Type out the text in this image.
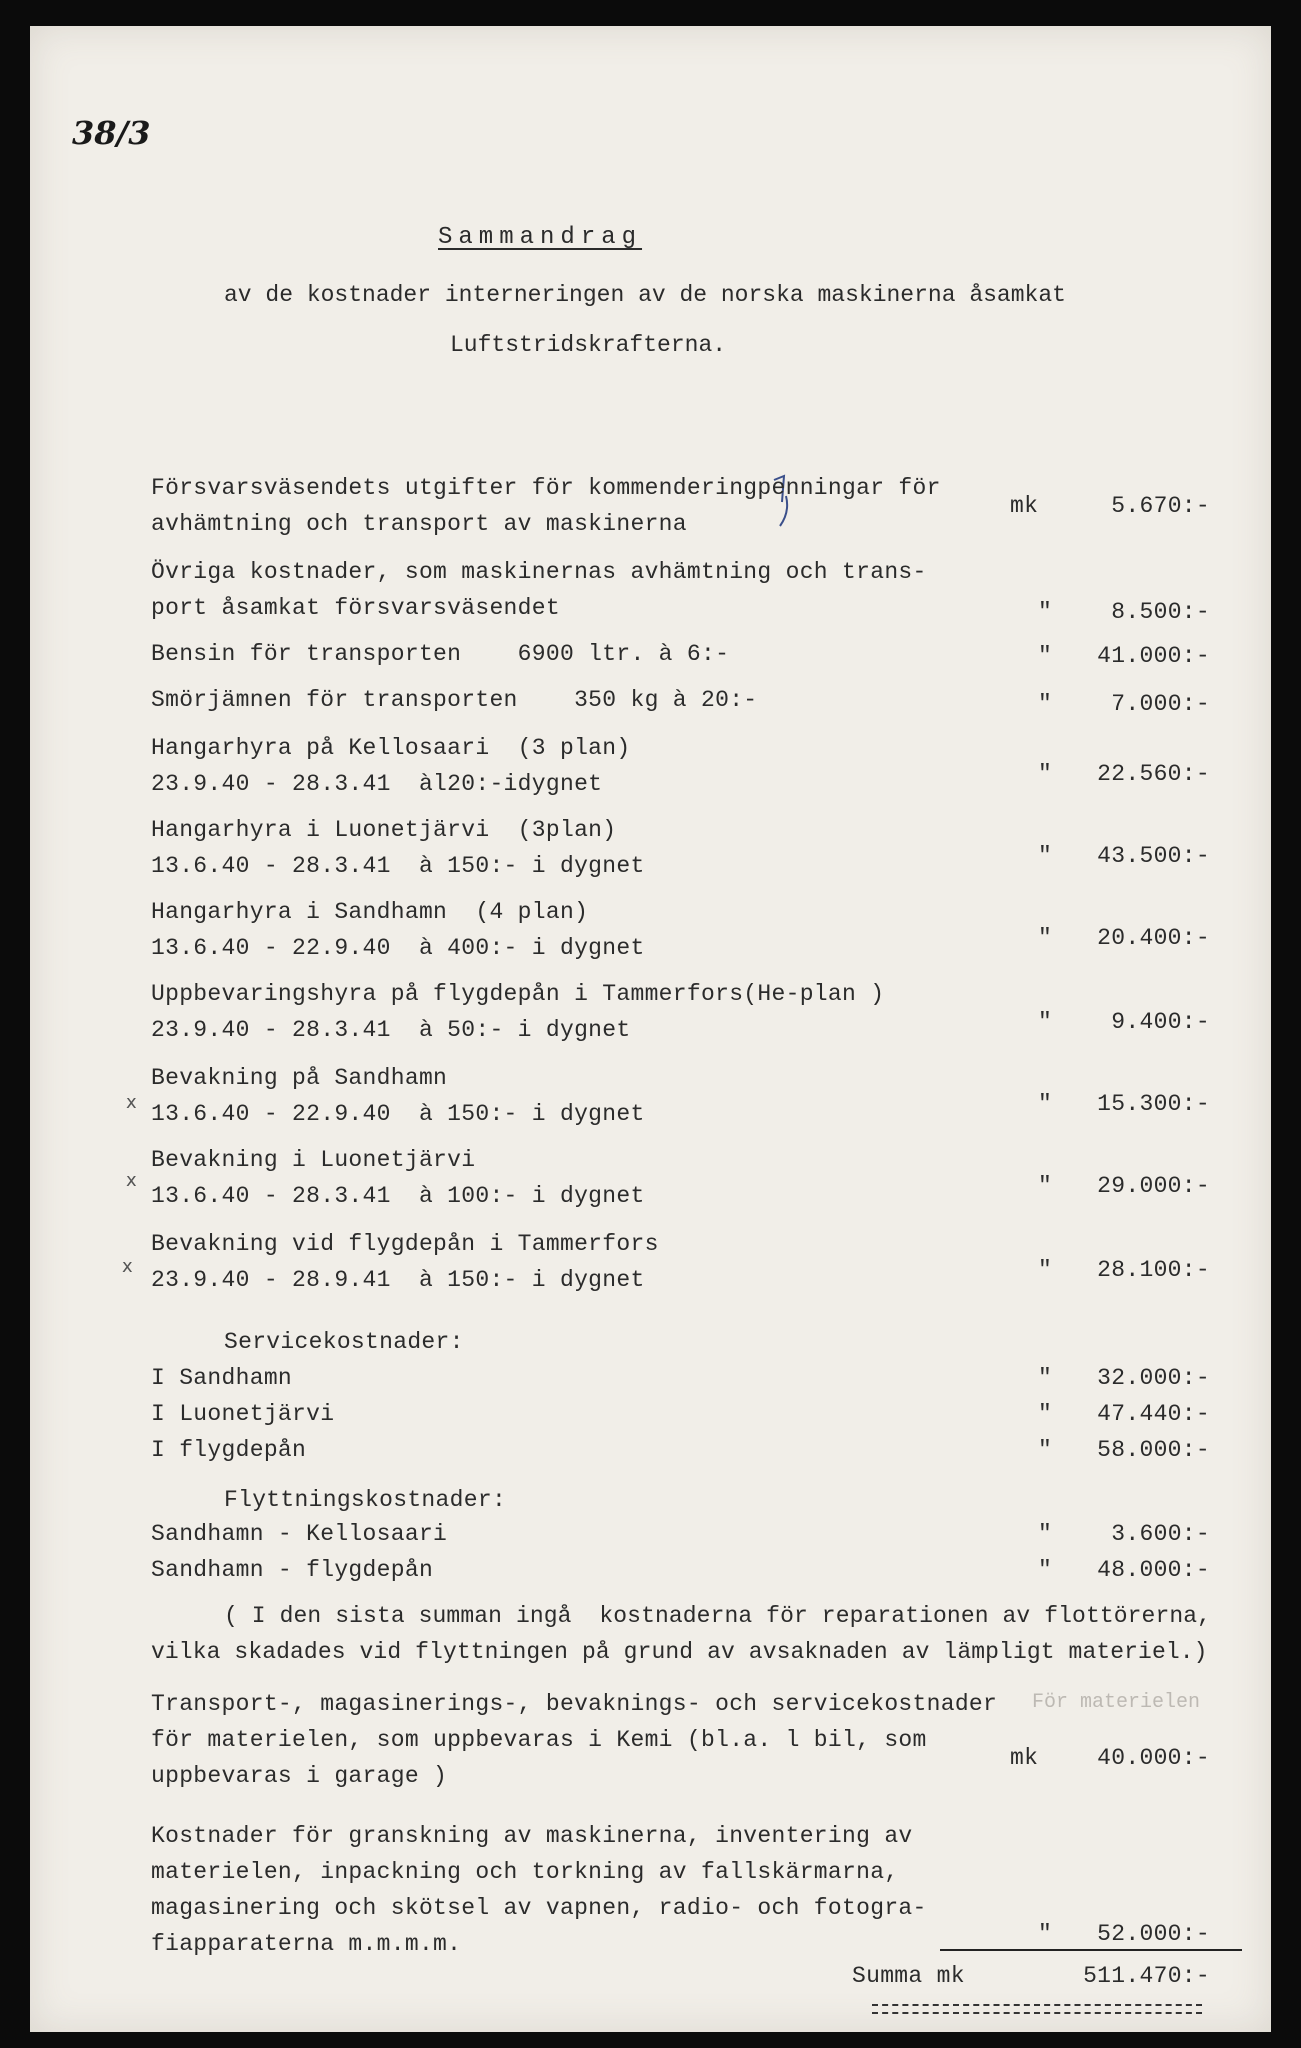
38/3
Sammandrag
av de kostnader interneringen av de norska maskinerna åsamkat
Luftstridskrafterna.
Försvarsväsendets utgifter för kommenderingpenningar för
avhämtning och transport av maskinerna
mk	5.670:-
Övriga kostnader, som maskinernas avhämtning och trans-
port åsamkat försvarsväsendet	"	8.500:-
Bensin för transporten    6900 ltr. à 6:-	"	41.000:-
Smörjämnen för transporten    350 kg à 20:-	"	7.000:-
Hangarhyra på Kellosaari  (3 plan)
23.9.40 - 28.3.41  àl20:-idygnet	"	22.560:-
Hangarhyra i Luonetjärvi  (3plan)
13.6.40 - 28.3.41  à 150:- i dygnet	"	43.500:-
Hangarhyra i Sandhamn  (4 plan)
13.6.40 - 22.9.40  à 400:- i dygnet	"	20.400:-
Uppbevaringshyra på flygdepån i Tammerfors(He-plan )
23.9.40 - 28.3.41  à 50:- i dygnet	"	9.400:-
x
Bevakning på Sandhamn
13.6.40 - 22.9.40  à 150:- i dygnet	"	15.300:-
x
Bevakning i Luonetjärvi
13.6.40 - 28.3.41  à 100:- i dygnet	"	29.000:-
x
Bevakning vid flygdepån i Tammerfors
23.9.40 - 28.9.41  à 150:- i dygnet	"	28.100:-
Servicekostnader:
I Sandhamn	"	32.000:-
I Luonetjärvi	"	47.440:-
I flygdepån	"	58.000:-
Flyttningskostnader:
Sandhamn - Kellosaari	"	3.600:-
Sandhamn - flygdepån	"	48.000:-
( I den sista summan ingå  kostnaderna för reparationen av flottörerna,
vilka skadades vid flyttningen på grund av avsaknaden av lämpligt materiel.)
För materielen
Transport-, magasinerings-, bevaknings- och servicekostnader
för materielen, som uppbevaras i Kemi (bl.a. l bil, som
uppbevaras i garage )
mk	40.000:-
Kostnader för granskning av maskinerna, inventering av
materielen, inpackning och torkning av fallskärmarna,
magasinering och skötsel av vapnen, radio- och fotogra-
fiapparaterna m.m.m.m.	"	52.000:-
Summa mk	511.470:-
